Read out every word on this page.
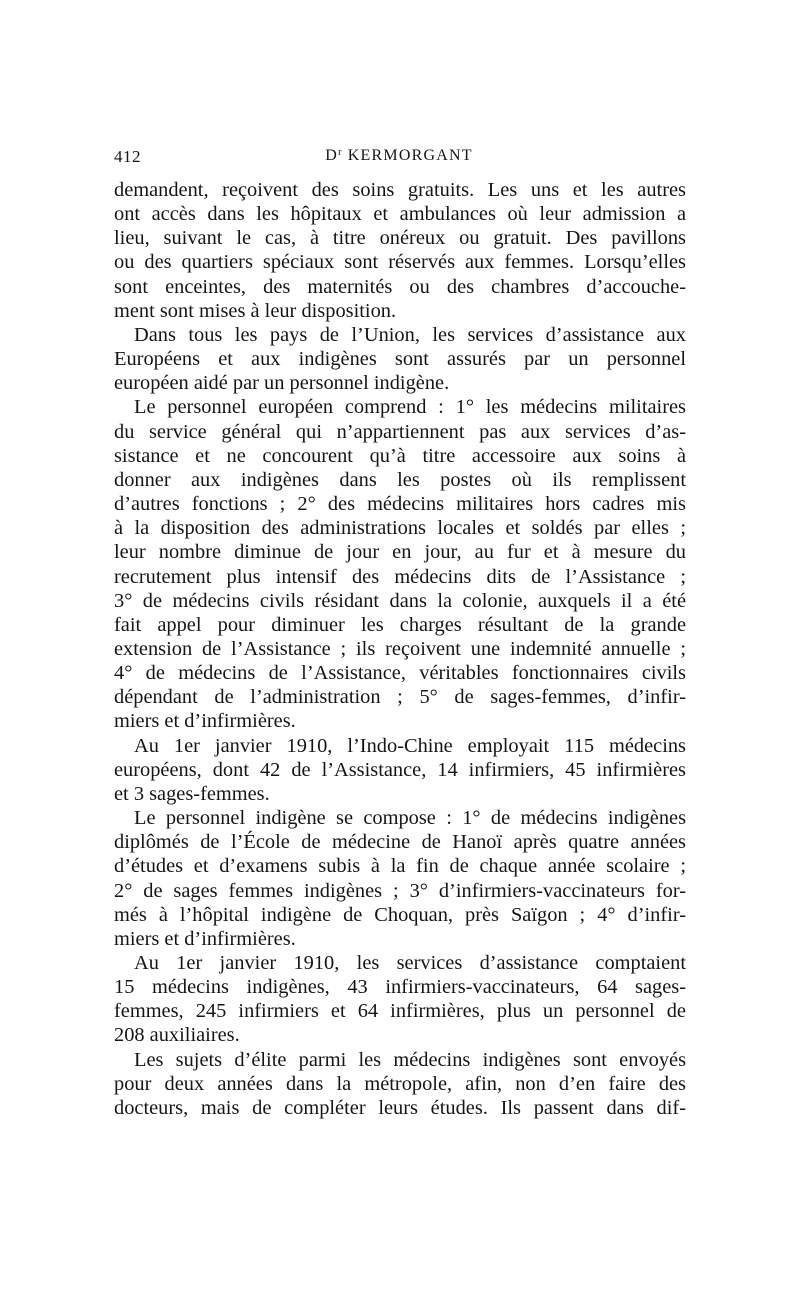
412	$D^r$ KERMORGANT
demandent, reçoivent des soins gratuits. Les uns et les autres
ont accès dans les hôpitaux et ambulances où leur admission a
lieu, suivant le cas, à titre onéreux ou gratuit. Des pavillons
ou des quartiers spéciaux sont réservés aux femmes. Lorsqu’elles
sont enceintes, des maternités ou des chambres d’accouche-
ment sont mises à leur disposition.
Dans tous les pays de l’Union, les services d’assistance aux
Européens et aux indigènes sont assurés par un personnel
européen aidé par un personnel indigène.
Le personnel européen comprend : 1° les médecins militaires
du service général qui n’appartiennent pas aux services d’as-
sistance et ne concourent qu’à titre accessoire aux soins à
donner aux indigènes dans les postes où ils remplissent
d’autres fonctions ; 2° des médecins militaires hors cadres mis
à la disposition des administrations locales et soldés par elles ;
leur nombre diminue de jour en jour, au fur et à mesure du
recrutement plus intensif des médecins dits de l’Assistance ;
3° de médecins civils résidant dans la colonie, auxquels il a été
fait appel pour diminuer les charges résultant de la grande
extension de l’Assistance ; ils reçoivent une indemnité annuelle ;
4° de médecins de l’Assistance, véritables fonctionnaires civils
dépendant de l’administration ; 5° de sages-femmes, d’infir-
miers et d’infirmières.
Au 1er janvier 1910, l’Indo-Chine employait 115 médecins
européens, dont 42 de l’Assistance, 14 infirmiers, 45 infirmières
et 3 sages-femmes.
Le personnel indigène se compose : 1° de médecins indigènes
diplômés de l’École de médecine de Hanoï après quatre années
d’études et d’examens subis à la fin de chaque année scolaire ;
2° de sages femmes indigènes ; 3° d’infirmiers-vaccinateurs for-
més à l’hôpital indigène de Choquan, près Saïgon ; 4° d’infir-
miers et d’infirmières.
Au 1er janvier 1910, les services d’assistance comptaient
15 médecins indigènes, 43 infirmiers-vaccinateurs, 64 sages-
femmes, 245 infirmiers et 64 infirmières, plus un personnel de
208 auxiliaires.
Les sujets d’élite parmi les médecins indigènes sont envoyés
pour deux années dans la métropole, afin, non d’en faire des
docteurs, mais de compléter leurs études. Ils passent dans dif-
